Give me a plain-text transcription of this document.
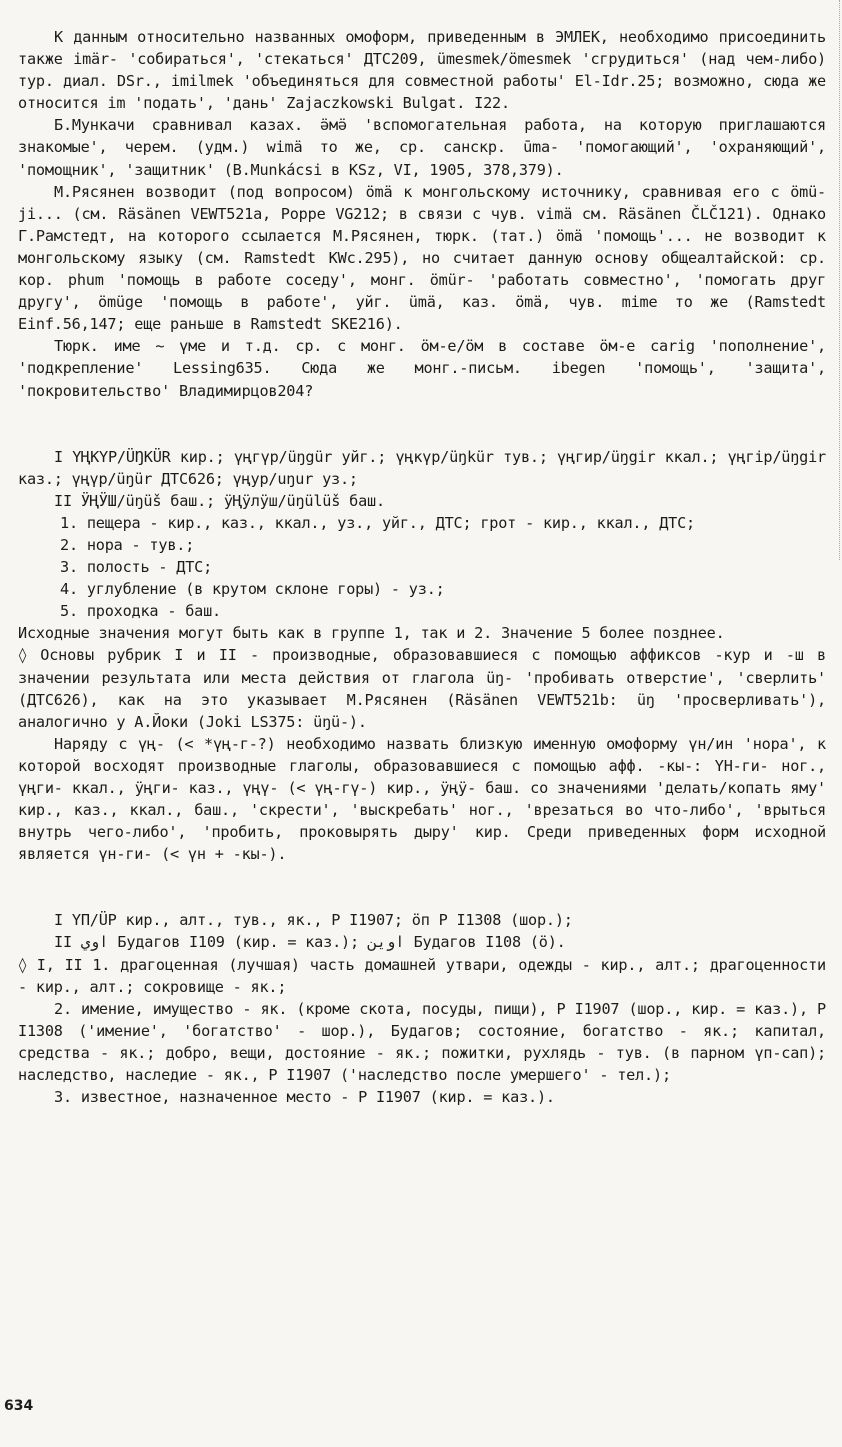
К данным относительно названных омоформ, приведенным в ЭМЛЕК, необходимо присоединить также imär- 'собираться', 'стекаться' ДТС209, ümesmek/ömesmek 'сгрудиться' (над чем-либо) тур. диал. DSr., imilmek 'объединяться для совместной работы' El-Idr.25; возможно, сюда же относится im 'подать', 'дань' Zajaczkowski Bulgat. I22.

Б.Мункачи сравнивал казах. ӛмӛ 'вспомогательная работа, на которую приглашаются знакомые', черем. (удм.) wimä то же, ср. санскр. ūma- 'помогающий', 'охраняющий', 'помощник', 'защитник' (B.Munkácsi в KSz, VI, 1905, 378,379).

М.Рясянен возводит (под вопросом) ömä к монгольскому источнику, сравнивая его с ömü-ji... (см. Räsänen VEWT521a, Poppe VG212; в связи с чув. vimä см. Räsänen ČLČ121). Однако Г.Рамстедт, на которого ссылается М.Рясянен, тюрк. (тат.) ömä 'помощь'... не возводит к монгольскому языку (см. Ramstedt KWc.295), но считает данную основу общеалтайской: ср. кор. phum 'помощь в работе соседу', монг. ömür- 'работать совместно', 'помогать друг другу', ömüge 'помощь в работе', уйг. ümä, каз. ömä, чув. mime то же (Ramstedt Einf.56,147; еще раньше в Ramstedt SKE216).

Тюрк. име ~ үме и т.д. ср. с монг. ӧм-е/ӧм в составе ӧм-е сarig 'пополнение', 'подкрепление' Lessing635. Сюда же монг.-письм. ibegen 'помощь', 'защита', 'покровительство' Владимирцов204?

I ҮҢКҮР/ÜŊKÜR кир.; үңгүр/üŋgür уйг.; үңкүр/üŋkür тув.; үңгир/üŋgir ккал.; үңгір/üŋgir каз.; үңүр/üŋür ДТС626; үңур/uŋur уз.;

II ӰҢӰШ/üŋüš баш.; ӱҢӱлӱш/üŋülüš баш.

1. пещера - кир., каз., ккал., уз., уйг., ДТС; грот - кир., ккал., ДТС;

2. нора - тув.;

3. полость - ДТС;

4. углубление (в крутом склоне горы) - уз.;

5. проходка - баш.

Исходные значения могут быть как в группе 1, так и 2. Значение 5 более позднее.

◊ Основы рубрик I и II - производные, образовавшиеся с помощью аффиксов -кур и -ш в значении результата или места действия от глагола üŋ- 'пробивать отверстие', 'сверлить' (ДТС626), как на это указывает М.Рясянен (Räsänen VEWT521b: üŋ 'просверливать'), аналогично у А.Йоки (Joki LS375: üŋü-).

Наряду с үң- (< *үң-г-?) необходимо назвать близкую именную омоформу үн/ин 'нора', к которой восходят производные глаголы, образовавшиеся с помощью афф. -кы-: ҮН-ги- ног., үңги- ккал., ӱңги- каз., үңү- (< үң-гү-) кир., ӱңӱ- баш. со значениями 'делать/копать яму' кир., каз., ккал., баш., 'скрести', 'выскребать' ног., 'врезаться во что-либо', 'врыться внутрь чего-либо', 'пробить, проковырять дыру' кир. Среди приведенных форм исходной является үн-ги- (< үн + -кы-).

I ҮП/ÜP кир., алт., тув., як., Р I1907; ӧп Р I1308 (шор.);

II اوي Будагов I109 (кир. = каз.); اوين Будагов I108 (ӧ).

◊ I, II 1. драгоценная (лучшая) часть домашней утвари, одежды - кир., алт.; драгоценности - кир., алт.; сокровище - як.;

2. имение, имущество - як. (кроме скота, посуды, пищи), Р I1907 (шор., кир. = каз.), Р I1308 ('имение', 'богатство' - шор.), Будагов; состояние, богатство - як.; капитал, средства - як.; добро, вещи, достояние - як.; пожитки, рухлядь - тув. (в парном үп-сап); наследство, наследие - як., Р I1907 ('наследство после умершего' - тел.);

3. известное, назначенное место - Р I1907 (кир. = каз.).

634
